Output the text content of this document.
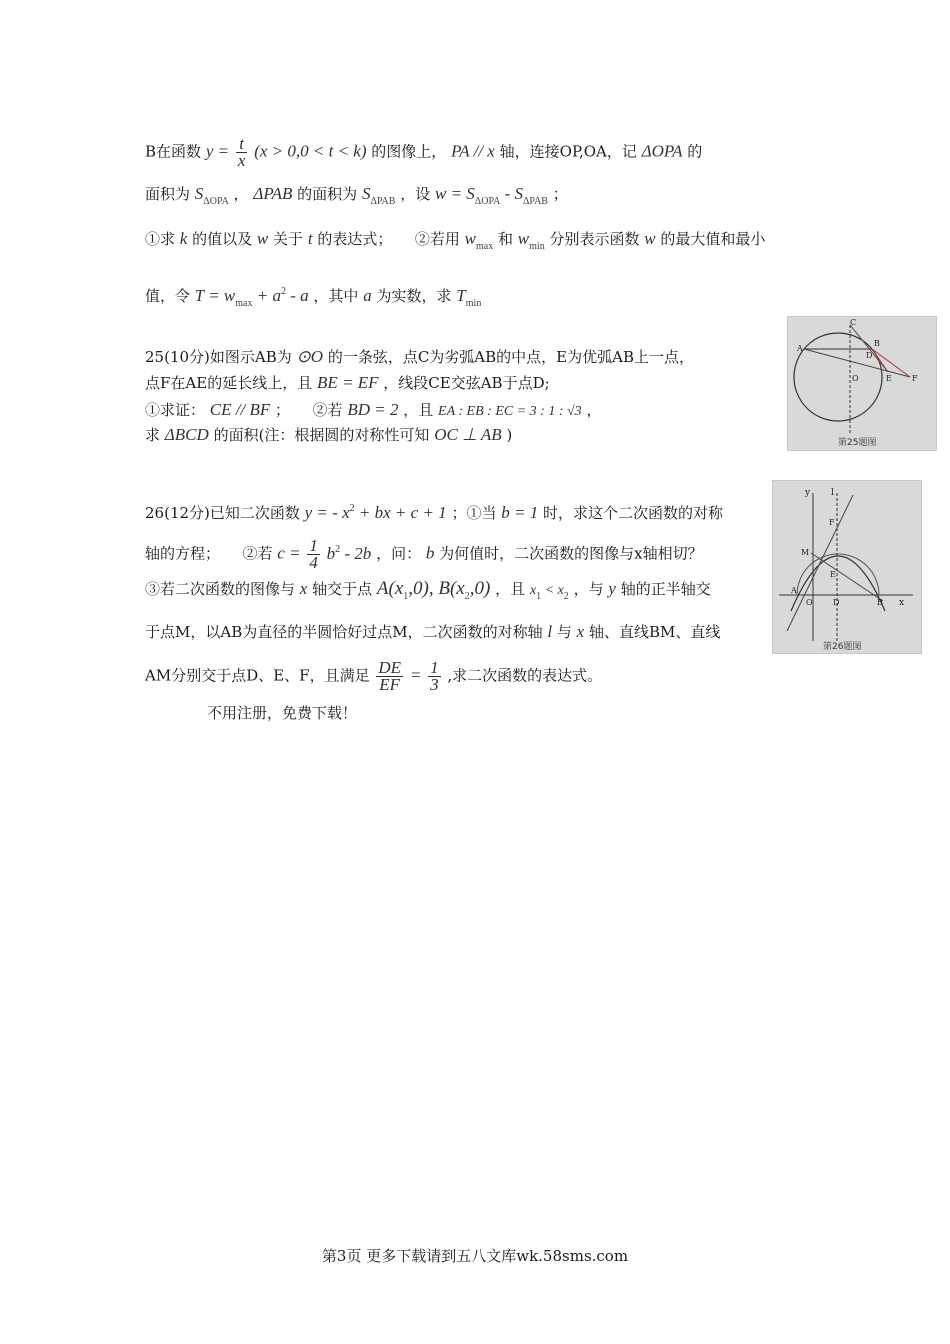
B在函数 $y = \frac{t}{x} (x > 0,0 < t < k)$ 的图像上， PA // x 轴，连接OP,OA，记 ΔOPA 的
面积为 $S_{\Delta OPA}$ ， ΔPAB 的面积为 $S_{\Delta PAB}$ ，设 $w = S_{\Delta OPA} - S_{\Delta PAB}$ ；
①求 k 的值以及 w 关于 t 的表达式；　　②若用 $w_{max}$ 和 $w_{min}$ 分别表示函数 w 的最大值和最小
值，令 $T = w_{max} + a^2 - a$ ，其中 a 为实数，求 $T_{min}$
25(10分)如图示AB为 ⊙O 的一条弦，点C为劣弧AB的中点，E为优弧AB上一点，
点F在AE的延长线上，且 BE = EF ，线段CE交弦AB于点D;
①求证： CE // BF ；　　②若 BD = 2 ，且 EA : EB : EC = 3 : 1 : √3 ，
求 ΔBCD 的面积(注：根据圆的对称性可知 OC ⊥ AB )
A
C
B
D
O	E	F
第25题图
26(12分)已知二次函数 y = - $x^2$ + bx + c + 1 ；①当 b = 1 时，求这个二次函数的对称
轴的方程；　　②若 $c = \frac{1}{4} b^2 - 2b$ ，问： b 为何值时，二次函数的图像与x轴相切？
③若二次函数的图像与 x 轴交于点 $A(x_1,0)$, $B(x_2,0)$ ，且 $x_1 < x_2$ ，与 y 轴的正半轴交
于点M，以AB为直径的半圆恰好过点M，二次函数的对称轴 l 与 x 轴、直线BM、直线
AM分别交于点D、E、F，且满足 $\frac{DE}{EF} = \frac{1}{3}$ ,求二次函数的表达式。
不用注册，免费下载！
y l
F
M
E
A
O	D	B x
第26题图
第3页 更多下载请到五八文库wk.58sms.com
